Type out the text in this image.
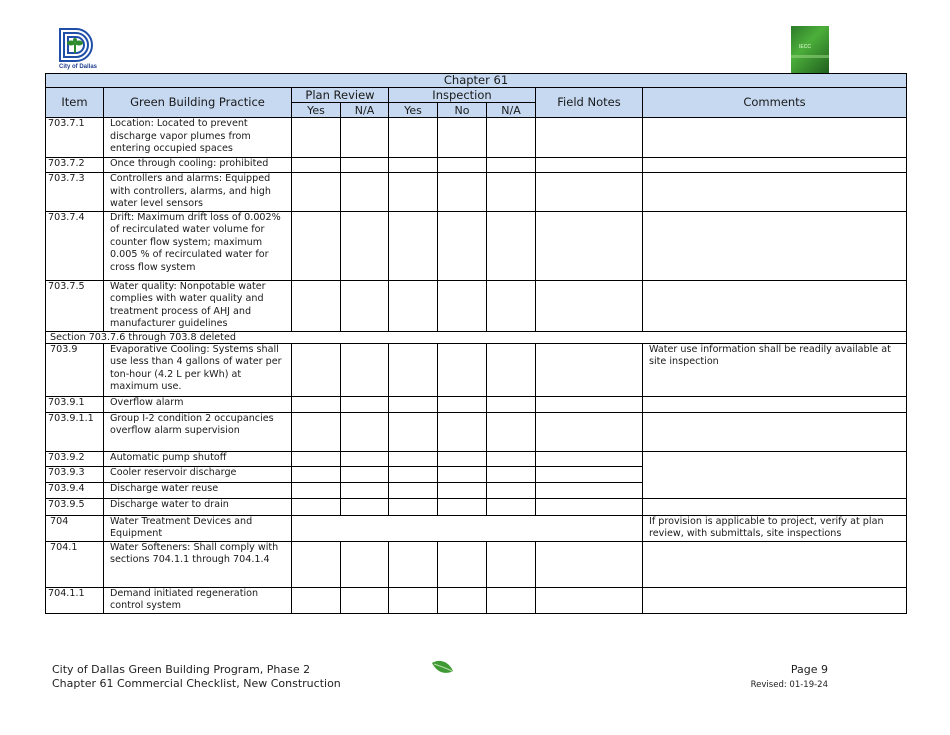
City of Dallas
IECC
Chapter 61								
Item	Green Building Practice	Plan Review		Inspection			Field Notes	Comments
		Yes	N/A	Yes	No	N/A		
703.7.1	Location: Located to prevent discharge vapor plumes from entering occupied spaces							
703.7.2	Once through cooling: prohibited							
703.7.3	Controllers and alarms: Equipped with controllers, alarms, and high water level sensors							
703.7.4	Drift: Maximum drift loss of 0.002% of recirculated water volume for counter flow system; maximum 0.005 % of recirculated water for cross flow system							
703.7.5	Water quality: Nonpotable water complies with water quality and treatment process of AHJ and manufacturer guidelines							
Section 703.7.6 through 703.8 deleted								
703.9	Evaporative Cooling: Systems shall use less than 4 gallons of water per ton-hour (4.2 L per kWh) at maximum use.							Water use information shall be readily available at site inspection
703.9.1	Overflow alarm							
703.9.1.1	Group I-2 condition 2 occupancies overflow alarm supervision							
703.9.2	Automatic pump shutoff							
703.9.3	Cooler reservoir discharge							
703.9.4	Discharge water reuse							
703.9.5	Discharge water to drain							
704	Water Treatment Devices and Equipment							If provision is applicable to project, verify at plan review, with submittals, site inspections
704.1	Water Softeners: Shall comply with sections 704.1.1 through 704.1.4							
704.1.1	Demand initiated regeneration control system							
City of Dallas Green Building Program, Phase 2
Chapter 61 Commercial Checklist, New Construction
Page 9
Revised: 01-19-24
